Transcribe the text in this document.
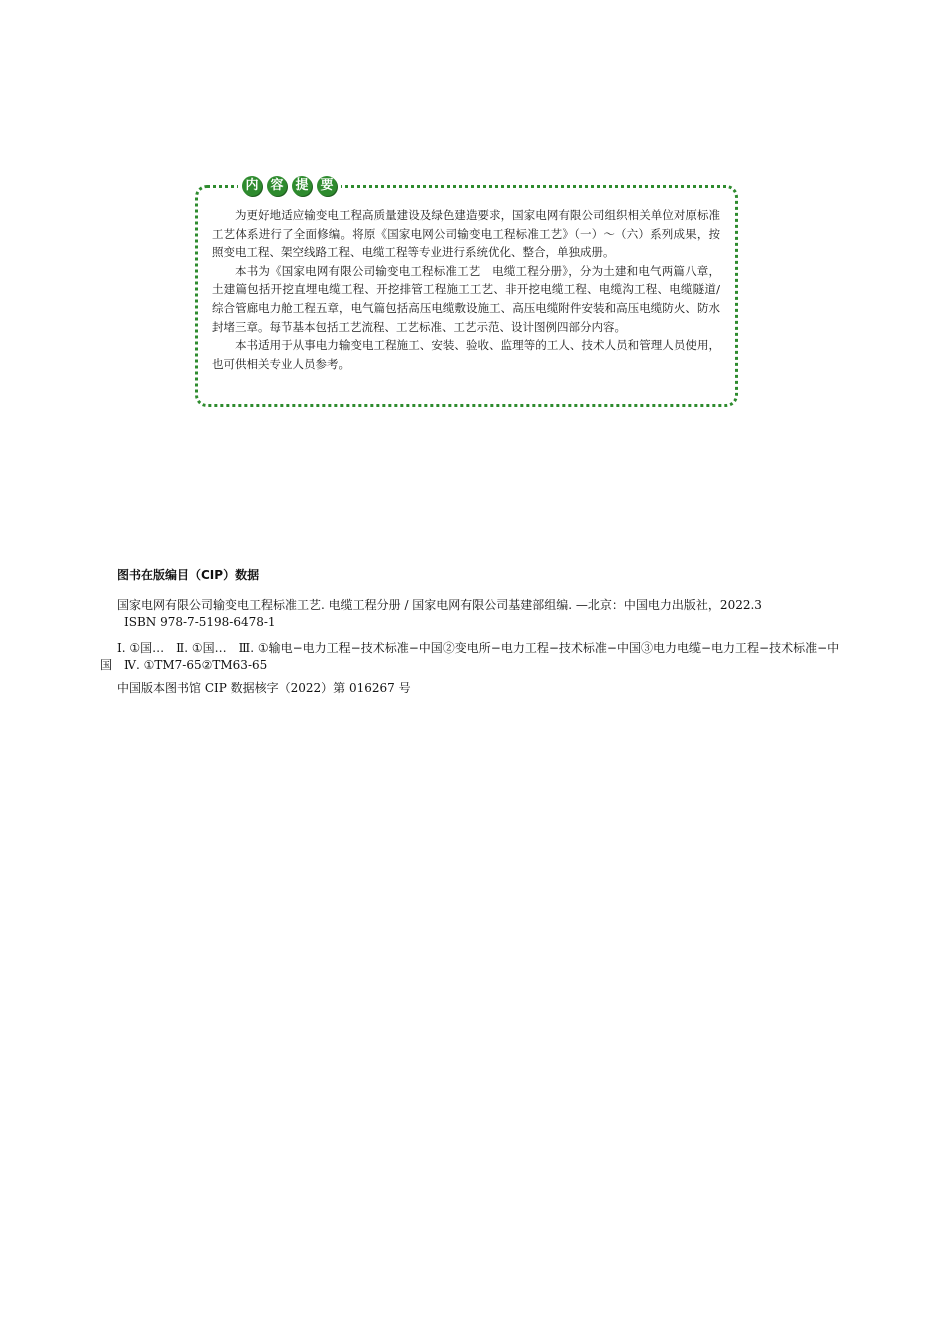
内 容 提 要

为更好地适应输变电工程高质量建设及绿色建造要求，国家电网有限公司组织相关单位对原标准工艺体系进行了全面修编。将原《国家电网公司输变电工程标准工艺》（一）～（六）系列成果，按照变电工程、架空线路工程、电缆工程等专业进行系统优化、整合，单独成册。

本书为《国家电网有限公司输变电工程标准工艺　电缆工程分册》，分为土建和电气两篇八章，土建篇包括开挖直埋电缆工程、开挖排管工程施工工艺、非开挖电缆工程、电缆沟工程、电缆隧道/综合管廊电力舱工程五章，电气篇包括高压电缆敷设施工、高压电缆附件安装和高压电缆防火、防水封堵三章。每节基本包括工艺流程、工艺标准、工艺示范、设计图例四部分内容。

本书适用于从事电力输变电工程施工、安装、验收、监理等的工人、技术人员和管理人员使用，也可供相关专业人员参考。

图书在版编目（CIP）数据

国家电网有限公司输变电工程标准工艺. 电缆工程分册 / 国家电网有限公司基建部组编. —北京：中国电力出版社，2022.3

ISBN 978-7-5198-6478-1

Ⅰ. ①国…　Ⅱ. ①国…　Ⅲ. ①输电−电力工程−技术标准−中国②变电所−电力工程−技术标准−中国③电力电缆−电力工程−技术标准−中国　Ⅳ. ①TM7-65②TM63-65

中国版本图书馆 CIP 数据核字（2022）第 016267 号
